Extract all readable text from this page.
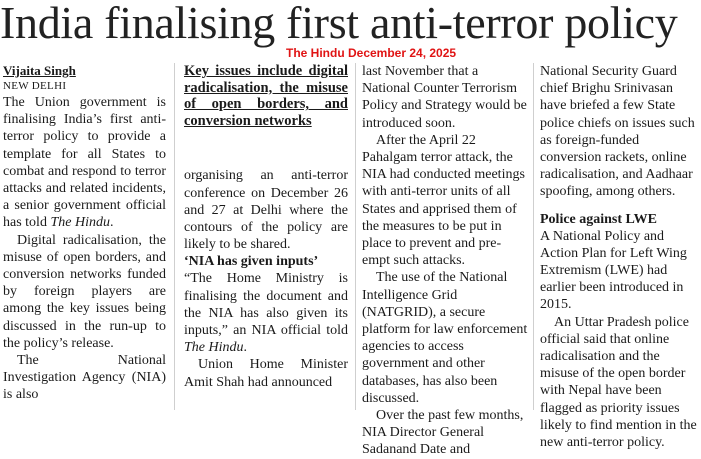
India finalising first anti-terror policy
The Hindu December 24, 2025

Vijaita Singh

NEW DELHI

The Union government is finalising India’s first anti-terror policy to provide a template for all States to combat and respond to terror attacks and related incidents, a senior government official has told The Hindu.

Digital radicalisation, the misuse of open borders, and conversion networks funded by foreign players are among the key issues being discussed in the run-up to the policy’s release.

The National Investigation Agency (NIA) is also

Key issues include digital radicalisation, the misuse of open borders, and conversion networks

organising an anti-terror conference on December 26 and 27 at Delhi where the contours of the policy are likely to be shared.

‘NIA has given inputs’

“The Home Ministry is finalising the document and the NIA has also given its inputs,” an NIA official told The Hindu.

Union Home Minister Amit Shah had announced

last November that a National Counter Terrorism Policy and Strategy would be introduced soon.

After the April 22 Pahalgam terror attack, the NIA had conducted meetings with anti-terror units of all States and apprised them of the measures to be put in place to prevent and pre-empt such attacks.

The use of the National Intelligence Grid (NATGRID), a secure platform for law enforcement agencies to access government and other databases, has also been discussed.

Over the past few months, NIA Director General Sadanand Date and

National Security Guard chief Brighu Srinivasan have briefed a few State police chiefs on issues such as foreign-funded conversion rackets, online radicalisation, and Aadhaar spoofing, among others.

Police against LWE

A National Policy and Action Plan for Left Wing Extremism (LWE) had earlier been introduced in 2015.

An Uttar Pradesh police official said that online radicalisation and the misuse of the open border with Nepal have been flagged as priority issues likely to find mention in the new anti-terror policy.
